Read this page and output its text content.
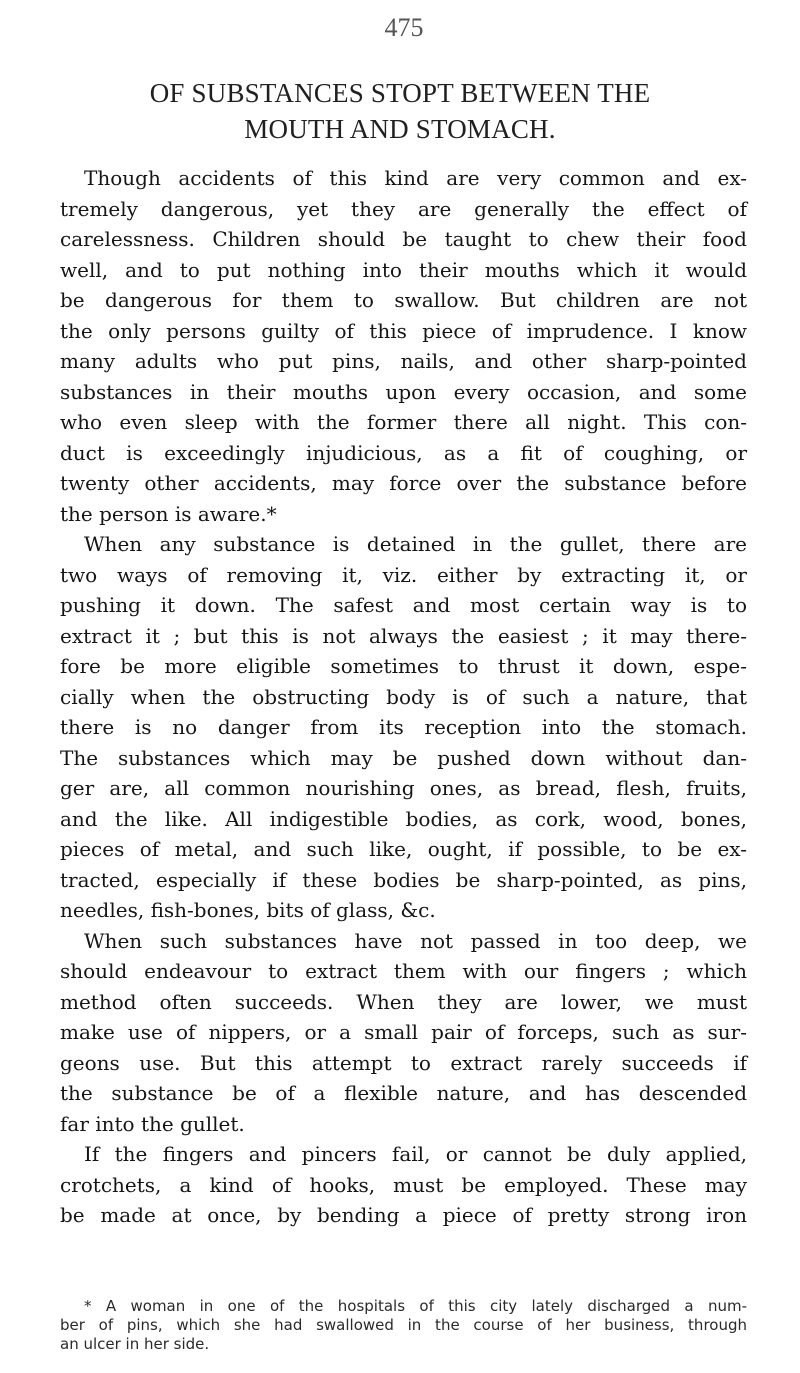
475
OF SUBSTANCES STOPT BETWEEN THE
MOUTH AND STOMACH.
Though accidents of this kind are very common and ex-
tremely dangerous, yet they are generally the effect of
carelessness. Children should be taught to chew their food
well, and to put nothing into their mouths which it would
be dangerous for them to swallow. But children are not
the only persons guilty of this piece of imprudence. I know
many adults who put pins, nails, and other sharp-pointed
substances in their mouths upon every occasion, and some
who even sleep with the former there all night. This con-
duct is exceedingly injudicious, as a fit of coughing, or
twenty other accidents, may force over the substance before
the person is aware.*
When any substance is detained in the gullet, there are
two ways of removing it, viz. either by extracting it, or
pushing it down. The safest and most certain way is to
extract it ; but this is not always the easiest ; it may there-
fore be more eligible sometimes to thrust it down, espe-
cially when the obstructing body is of such a nature, that
there is no danger from its reception into the stomach.
The substances which may be pushed down without dan-
ger are, all common nourishing ones, as bread, flesh, fruits,
and the like. All indigestible bodies, as cork, wood, bones,
pieces of metal, and such like, ought, if possible, to be ex-
tracted, especially if these bodies be sharp-pointed, as pins,
needles, fish-bones, bits of glass, &c.
When such substances have not passed in too deep, we
should endeavour to extract them with our fingers ; which
method often succeeds. When they are lower, we must
make use of nippers, or a small pair of forceps, such as sur-
geons use. But this attempt to extract rarely succeeds if
the substance be of a flexible nature, and has descended
far into the gullet.
If the fingers and pincers fail, or cannot be duly applied,
crotchets, a kind of hooks, must be employed. These may
be made at once, by bending a piece of pretty strong iron
* A woman in one of the hospitals of this city lately discharged a num-
ber of pins, which she had swallowed in the course of her business, through
an ulcer in her side.
